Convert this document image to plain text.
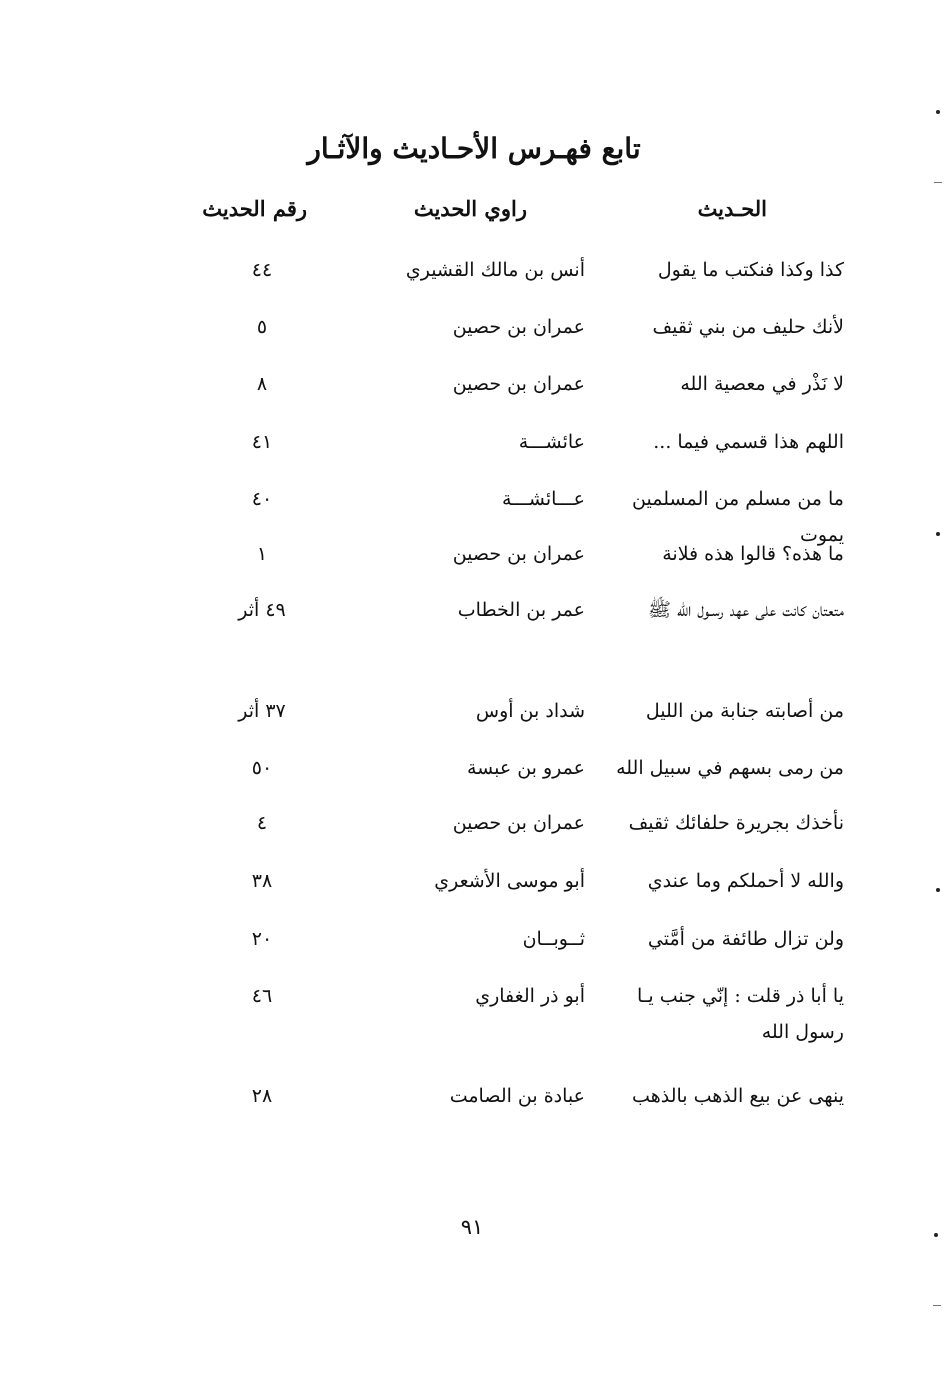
تابع فهـرس الأحـاديث والآثـار
الحـديث
راوي الحديث
رقم الحديث
كذا وكذا فنكتب ما يقول
أنس بن مالك القشيري
٤٤
لأنك حليف من بني ثقيف
عمران بن حصين
٥
لا نَذْر في معصية الله
عمران بن حصين
٨
اللهم هذا قسمي فيما ...
عائشـــة
٤١
ما من مسلم من المسلمين يموت
عـــائشـــة
٤٠
ما هذه؟ قالوا هذه فلانة
عمران بن حصين
١
متعتان كانت على عهد رسـول الله ﷺ
عمر بن الخطاب
٤٩ أثر
من أصابته جنابة من الليل
شداد بن أوس
٣٧ أثر
من رمى بسهم في سبيل الله
عمرو بن عبسة
٥٠
نأخذك بجريرة حلفائك ثقيف
عمران بن حصين
٤
والله لا أحملكم وما عندي
أبو موسى الأشعري
٣٨
ولن تزال طائفة من أمَّتي
ثــوبــان
٢٠
يا أبا ذر قلت : إنّي جنب يـا رسول الله
أبو ذر الغفاري
٤٦
ينهى عن بيع الذهب بالذهب
عبادة بن الصامت
٢٨
٩١
